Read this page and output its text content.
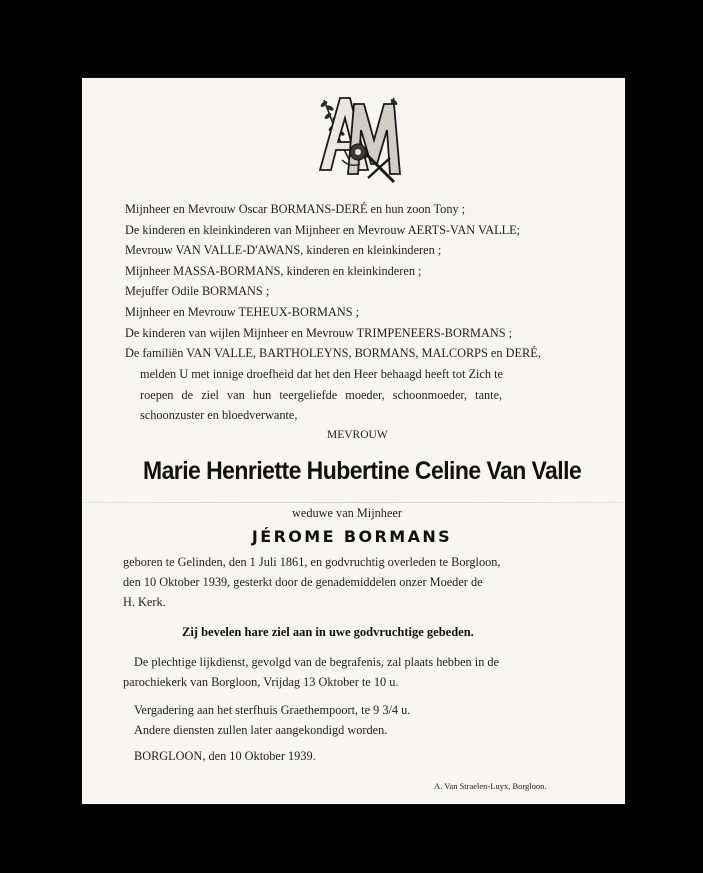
Mijnheer en Mevrouw Oscar BORMANS-DERÉ en hun zoon Tony ;
De kinderen en kleinkinderen van Mijnheer en Mevrouw AERTS-VAN VALLE;
Mevrouw VAN VALLE-D'AWANS, kinderen en kleinkinderen ;
Mijnheer MASSA-BORMANS, kinderen en kleinkinderen ;
Mejuffer Odile BORMANS ;
Mijnheer en Mevrouw TEHEUX-BORMANS ;
De kinderen van wijlen Mijnheer en Mevrouw TRIMPENEERS-BORMANS ;
De familiën VAN VALLE, BARTHOLEYNS, BORMANS, MALCORPS en DERÉ,
melden U met innige droefheid dat het den Heer behaagd heeft tot Zich te
roepen de ziel van hun teergeliefde moeder, schoonmoeder, tante,
schoonzuster en bloedverwante,
MEVROUW
Marie Henriette Hubertine Celine Van Valle
weduwe van Mijnheer
JÉROME BORMANS
geboren te Gelinden, den 1 Juli 1861, en godvruchtig overleden te Borgloon,
den 10 Oktober 1939, gesterkt door de genademiddelen onzer Moeder de
H. Kerk.
Zij bevelen hare ziel aan in uwe godvruchtige gebeden.
De plechtige lijkdienst, gevolgd van de begrafenis, zal plaats hebben in de
parochiekerk van Borgloon, Vrijdag 13 Oktober te 10 u.
Vergadering aan het sterfhuis Graethempoort, te 9 3/4 u.
Andere diensten zullen later aangekondigd worden.
BORGLOON, den 10 Oktober 1939.
A. Van Straelen-Luyx, Borgloon.
